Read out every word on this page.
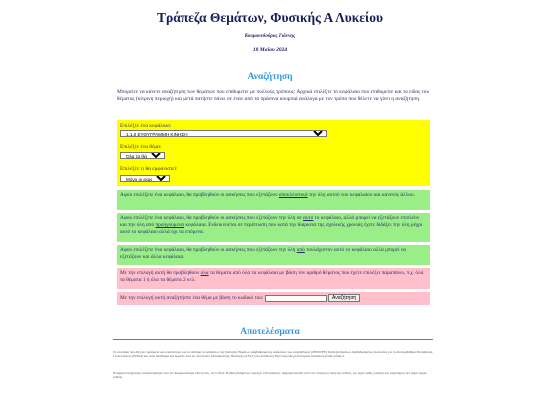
Τράπεζα Θεμάτων, Φυσικής Α Λυκείου
Κουμουνδούρος Γιάννης
18 Μαίου 2024
Αναζήτηση
Μπορείτε να κάνετε αναζήτηση των θεμάτων που επιθυμείτε με πολλούς τρόπους: Αρχικά επιλέξτε το κεφάλαιο που επιθυμείτε και το είδος του θέματος (κίτρινη περιοχή) και μετά πατήστε πάνω σε έναν από τα πράσινα κουμπιά ανάλογα με τον τρόπο που θέλετε να γίνει η αναζήτηση.
Επιλέξτε ένα κεφάλαιο:
1.1.0 ΕΥΘΥΓΡΑΜΜΗ ΚΙΝΗΣΗ
Επιλέξτε ένα θέμα:
Όλα τα θέματα
Επιλέξτε τι θα εμφανιστεί:
Μόνο οι εκφωνήσεις
Αφού επιλέξετε ένα κεφάλαιο, θα προβληθούν οι ασκήσεις που εξετάζουν αποκλειστικά την ύλη αυτού του κεφαλαίου και κανενός άλλου.
Αφού επιλέξετε ένα κεφάλαιο, θα προβληθούν οι ασκήσεις που εξετάζουν την ύλη σε αυτό το κεφάλαιο, αλλά μπορεί να εξετάζουν επιπλέον και την ύλη από προηγούμενα κεφάλαια. Ενδεικνύεται σε περίπτωση που κατά την διάρκεια της σχολικής χρονιάς έχετε διδάξει την ύλη μέχρι αυτό το κεφάλαιο αλλά όχι τα επόμενα.
Αφού επιλέξετε ένα κεφάλαιο, θα προβληθούν οι ασκήσεις που εξετάζουν την ύλη από τουλάχιστον αυτό το κεφάλαιο αλλά μπορεί να εξετάζουν και άλλα κεφάλαια.
Με την επιλογή αυτή θα προβληθούν όλα τα θέματα από όλα τα κεφάλαια με βάση τον αριθμό θέματος που έχετε επιλέξει παραπάνω, π.χ. όλα τα θέματα 1 ή όλα τα θέματα 2 κτλ.
Με την επιλογή αυτή αναζητήστε ένα θέμα με βάση το κωδικό του:	Αναζήτηση
Αποτελέσματα
Οι εικονίδια που δίχνουν πρόσφατα και αποστείλουν και τα σκίτσμα τα ασκήσεων της Τράπεζας Θεμάτων Διαβαθμισμένης Δυσκολίας που αναρτήθηκαν [ΙΕΠ/ΙΤΥΕ] Τράπεζα θεμάτων Διαβαθμισμένης Δυσκολίας για τη δευτεροβάθμια Εκπαίδευση, Γενικό Λύκειο (ΕΠΑΛ) και είναι διαθέσιμα και δωρεάν από τον Ινστιτούτο Εκπαιδευτικής Πολιτικής (Ι.Ε.Π.) στη διεύθυνση http://iep.edu.gr/el/trapeza-thematon-arxiki-selida-3.
Η φορμά αναζήτησης κατασκευάστηκε από τον Κουμουνδούρο Γιάννη στις 16-5-2024. Η βάση δεδομένων περιέχει 190 ασκήσεις. Χρησιμοποιείστε αυτό τον πίνακα με δική σας ευθύνη, για τυχόν λάθη, αλλαγές και παραλήψεις δεν φέρει καμία ευθύνη.
